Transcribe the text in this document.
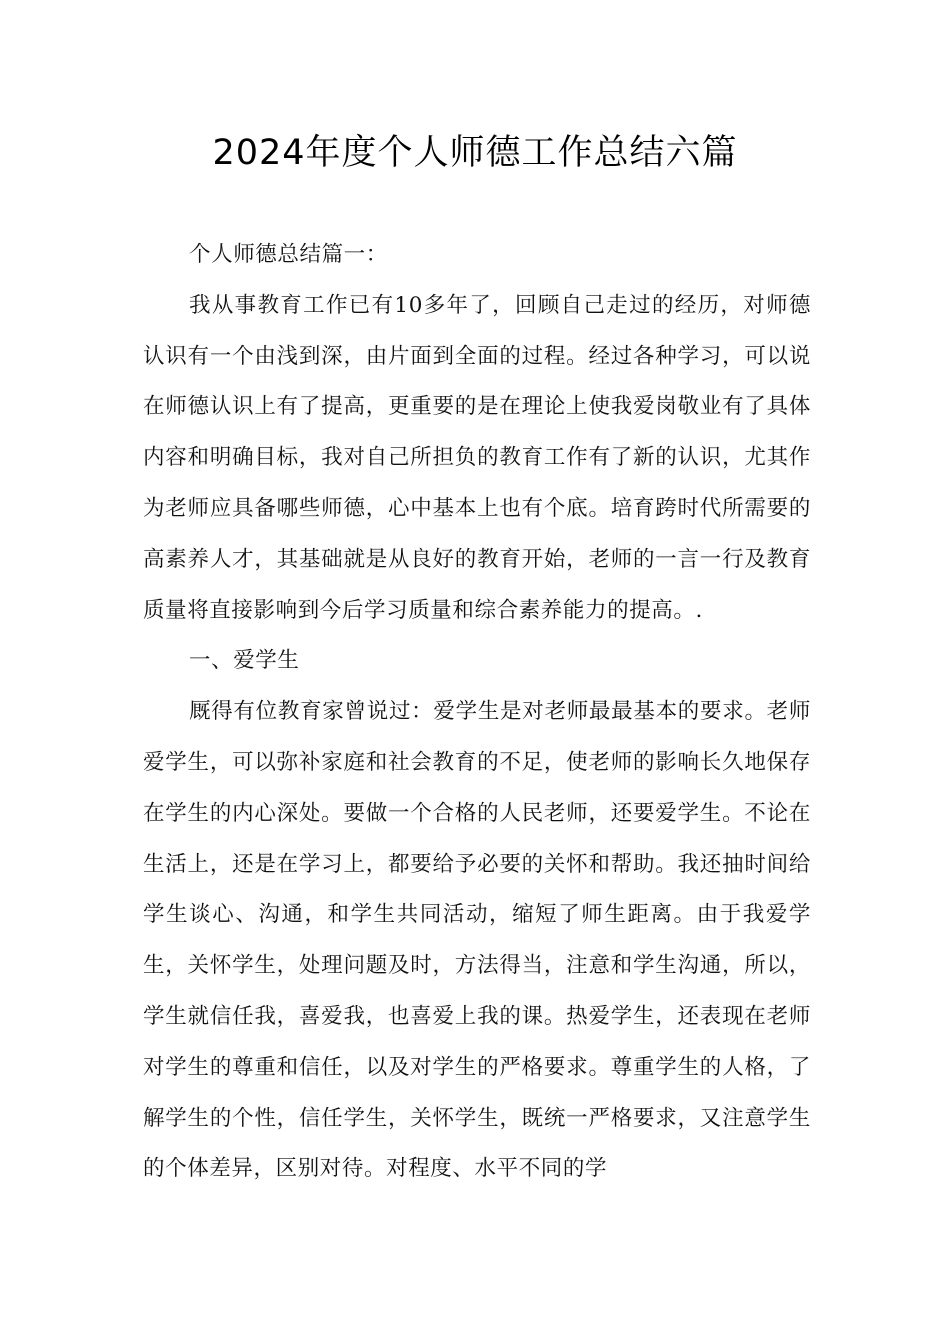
2024年度个人师德工作总结六篇

个人师德总结篇一：

我从事教育工作已有10多年了，回顾自己走过的经历，对师德认识有一个由浅到深，由片面到全面的过程。经过各种学习，可以说在师德认识上有了提高，更重要的是在理论上使我爱岗敬业有了具体内容和明确目标，我对自己所担负的教育工作有了新的认识，尤其作为老师应具备哪些师德，心中基本上也有个底。培育跨时代所需要的高素养人才，其基础就是从良好的教育开始，老师的一言一行及教育质量将直接影响到今后学习质量和综合素养能力的提高。.

一、爱学生

厩得有位教育家曾说过：爱学生是对老师最最基本的要求。老师爱学生，可以弥补家庭和社会教育的不足，使老师的影响长久地保存在学生的内心深处。要做一个合格的人民老师，还要爱学生。不论在生活上，还是在学习上，都要给予必要的关怀和帮助。我还抽时间给学生谈心、沟通，和学生共同活动，缩短了师生距离。由于我爱学生，关怀学生，处理问题及时，方法得当，注意和学生沟通，所以，学生就信任我，喜爱我，也喜爱上我的课。热爱学生，还表现在老师对学生的尊重和信任，以及对学生的严格要求。尊重学生的人格，了解学生的个性，信任学生，关怀学生，既统一严格要求，又注意学生的个体差异，区别对待。对程度、水平不同的学
